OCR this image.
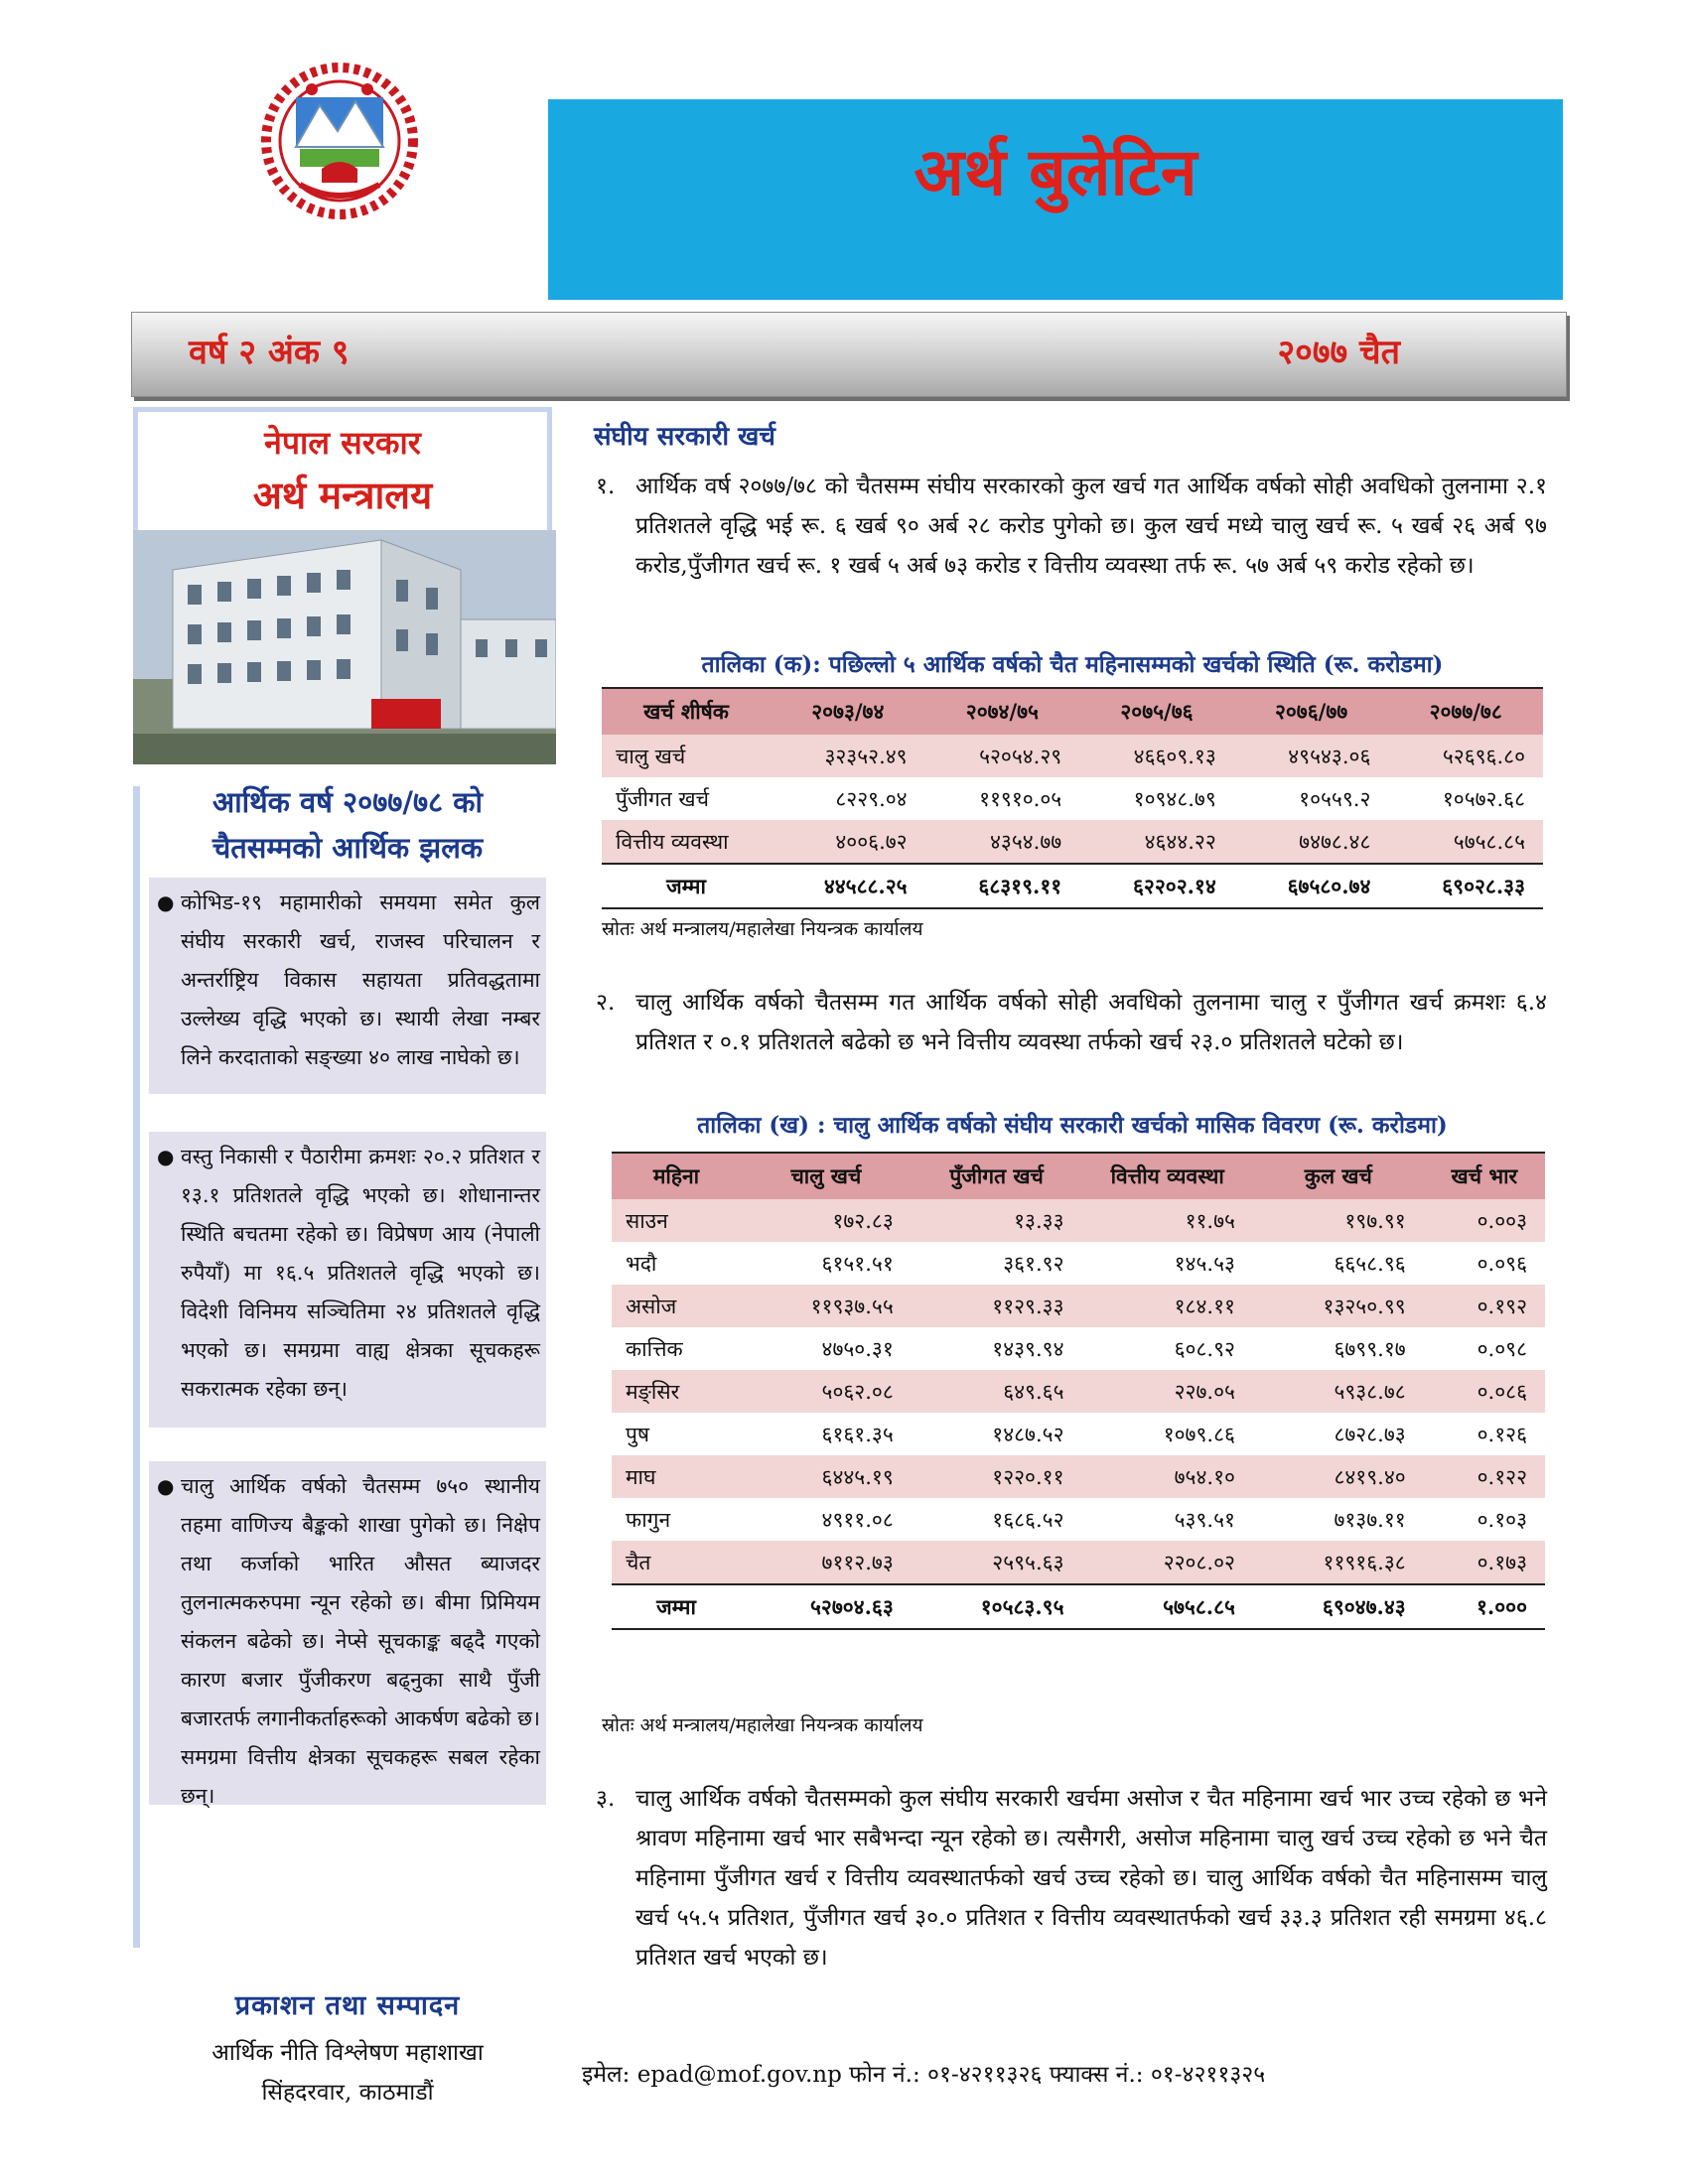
अर्थ बुलेटिन
वर्ष २ अंक ९	२०७७ चैत
नेपाल सरकार
अर्थ मन्त्रालय
आर्थिक वर्ष २०७७/७८ को
चैतसम्मको आर्थिक झलक
● कोभिड-१९ महामारीको समयमा समेत कुल संघीय सरकारी खर्च, राजस्व परिचालन र अन्तर्राष्ट्रिय विकास सहायता प्रतिवद्धतामा उल्लेख्य वृद्धि भएको छ। स्थायी लेखा नम्बर लिने करदाताको सङ्ख्या ४० लाख नाघेको छ।
● वस्तु निकासी र पैठारीमा क्रमशः २०.२ प्रतिशत र १३.१ प्रतिशतले वृद्धि भएको छ। शोधानान्तर स्थिति बचतमा रहेको छ। विप्रेषण आय (नेपाली रुपैयाँ) मा १६.५ प्रतिशतले वृद्धि भएको छ। विदेशी विनिमय सञ्चितिमा २४ प्रतिशतले वृद्धि भएको छ। समग्रमा वाह्य क्षेत्रका सूचकहरू सकरात्मक रहेका छन्।
● चालु आर्थिक वर्षको चैतसम्म ७५० स्थानीय तहमा वाणिज्य बैङ्कको शाखा पुगेको छ। निक्षेप तथा कर्जाको भारित औसत ब्याजदर तुलनात्मकरुपमा न्यून रहेको छ। बीमा प्रिमियम संकलन बढेको छ। नेप्से सूचकाङ्क बढ्दै गएको कारण बजार पुँजीकरण बढ्नुका साथै पुँजी बजारतर्फ लगानीकर्ताहरूको आकर्षण बढेको छ। समग्रमा वित्तीय क्षेत्रका सूचकहरू सबल रहेका छन्।
प्रकाशन तथा सम्पादन
आर्थिक नीति विश्लेषण महाशाखा
सिंहदरवार, काठमाडौं
संघीय सरकारी खर्च
१. आर्थिक वर्ष २०७७/७८ को चैतसम्म संघीय सरकारको कुल खर्च गत आर्थिक वर्षको सोही अवधिको तुलनामा २.१ प्रतिशतले वृद्धि भई रू. ६ खर्ब ९० अर्ब २८ करोड पुगेको छ। कुल खर्च मध्ये चालु खर्च रू. ५ खर्ब २६ अर्ब ९७ करोड,पुँजीगत खर्च रू. १ खर्ब ५ अर्ब ७३ करोड र वित्तीय व्यवस्था तर्फ रू. ५७ अर्ब ५९ करोड रहेको छ।
तालिका (क): पछिल्लो ५ आर्थिक वर्षको चैत महिनासम्मको खर्चको स्थिति (रू. करोडमा)
खर्च शीर्षक	२०७३/७४	२०७४/७५	२०७५/७६	२०७६/७७	२०७७/७८
चालु खर्च	३२३५२.४९	५२०५४.२९	४६६०९.१३	४९५४३.०६	५२६९६.८०
पुँजीगत खर्च	८२२९.०४	११९१०.०५	१०९४८.७९	१०५५९.२	१०५७२.६८
वित्तीय व्यवस्था	४००६.७२	४३५४.७७	४६४४.२२	७४७८.४८	५७५८.८५
जम्मा	४४५८८.२५	६८३१९.११	६२२०२.१४	६७५८०.७४	६९०२८.३३
स्रोतः अर्थ मन्त्रालय/महालेखा नियन्त्रक कार्यालय
२. चालु आर्थिक वर्षको चैतसम्म गत आर्थिक वर्षको सोही अवधिको तुलनामा चालु र पुँजीगत खर्च क्रमशः ६.४ प्रतिशत र ०.१ प्रतिशतले बढेको छ भने वित्तीय व्यवस्था तर्फको खर्च २३.० प्रतिशतले घटेको छ।
तालिका (ख) : चालु आर्थिक वर्षको संघीय सरकारी खर्चको मासिक विवरण (रू. करोडमा)
महिना	चालु खर्च	पुँजीगत खर्च	वित्तीय व्यवस्था	कुल खर्च	खर्च भार
साउन	१७२.८३	१३.३३	११.७५	१९७.९१	०.००३
भदौ	६१५१.५१	३६१.९२	१४५.५३	६६५८.९६	०.०९६
असोज	११९३७.५५	११२९.३३	१८४.११	१३२५०.९९	०.१९२
कात्तिक	४७५०.३१	१४३९.९४	६०८.९२	६७९९.१७	०.०९८
मङ्सिर	५०६२.०८	६४९.६५	२२७.०५	५९३८.७८	०.०८६
पुष	६१६१.३५	१४८७.५२	१०७९.८६	८७२८.७३	०.१२६
माघ	६४४५.१९	१२२०.११	७५४.१०	८४१९.४०	०.१२२
फागुन	४९११.०८	१६८६.५२	५३९.५१	७१३७.११	०.१०३
चैत	७११२.७३	२५९५.६३	२२०८.०२	११९१६.३८	०.१७३
जम्मा	५२७०४.६३	१०५८३.९५	५७५८.८५	६९०४७.४३	१.०००
स्रोतः अर्थ मन्त्रालय/महालेखा नियन्त्रक कार्यालय
३. चालु आर्थिक वर्षको चैतसम्मको कुल संघीय सरकारी खर्चमा असोज र चैत महिनामा खर्च भार उच्च रहेको छ भने श्रावण महिनामा खर्च भार सबैभन्दा न्यून रहेको छ। त्यसैगरी, असोज महिनामा चालु खर्च उच्च रहेको छ भने चैत महिनामा पुँजीगत खर्च र वित्तीय व्यवस्थातर्फको खर्च उच्च रहेको छ। चालु आर्थिक वर्षको चैत महिनासम्म चालु खर्च ५५.५ प्रतिशत, पुँजीगत खर्च ३०.० प्रतिशत र वित्तीय व्यवस्थातर्फको खर्च ३३.३ प्रतिशत रही समग्रमा ४६.८ प्रतिशत खर्च भएको छ।
इमेल: epad@mof.gov.np फोन नं.: ०१-४२११३२६ फ्याक्स नं.: ०१-४२११३२५
